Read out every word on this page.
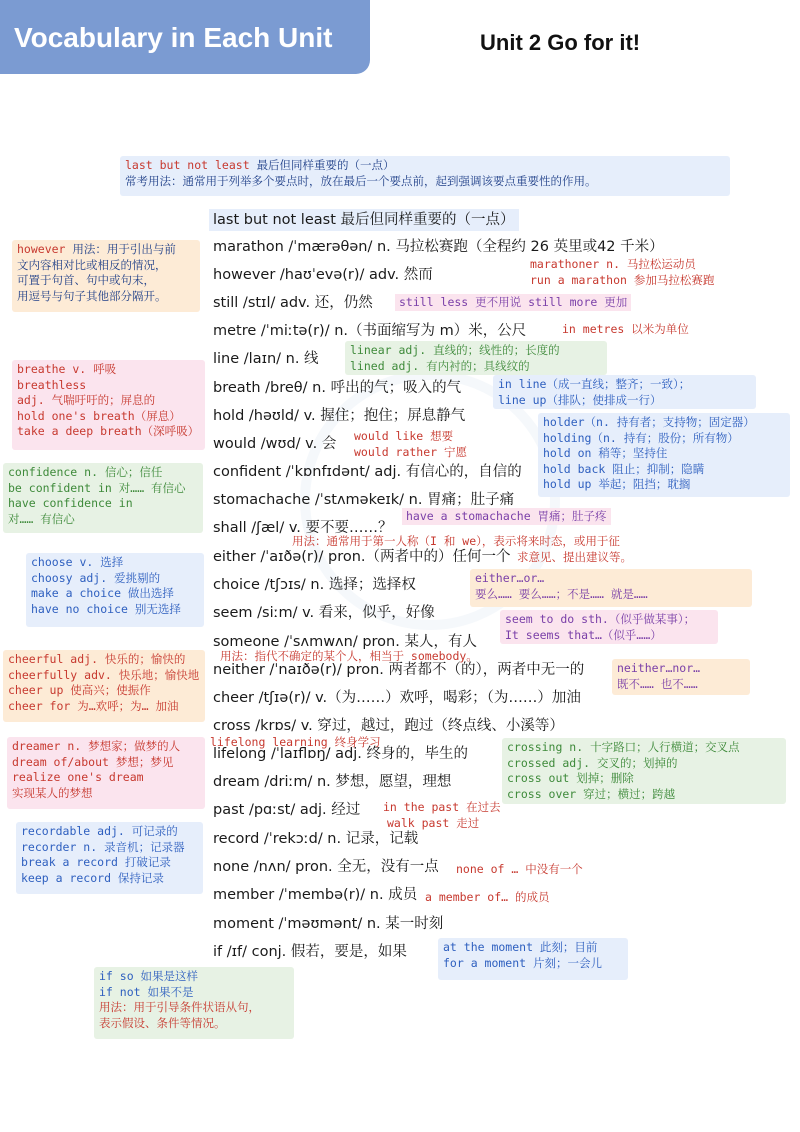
Vocabulary in Each Unit	Unit 2 Go for it!
last but not least 最后但同样重要的（一点）
常考用法：通常用于列举多个要点时，放在最后一个要点前，起到强调该要点重要性的作用。
last but not least 最后但同样重要的（一点）
marathon /ˈmærəθən/ n. 马拉松赛跑（全程约 26 英里或42 千米）
however /haʊˈevə(r)/ adv. 然而
still /stɪl/ adv. 还，仍然
metre /ˈmiːtə(r)/ n.（书面缩写为 m）米，公尺
line /laɪn/ n. 线
breath /breθ/ n. 呼出的气；吸入的气
hold /həʊld/ v. 握住；抱住；屏息静气
would /wʊd/ v. 会
confident /ˈkɒnfɪdənt/ adj. 有信心的，自信的
stomachache /ˈstʌməkeɪk/ n. 胃痛；肚子痛
shall /ʃæl/ v. 要不要……？
either /ˈaɪðə(r)/ pron.（两者中的）任何一个
choice /tʃɔɪs/ n. 选择；选择权
seem /siːm/ v. 看来，似乎，好像
someone /ˈsʌmwʌn/ pron. 某人，有人
neither /ˈnaɪðə(r)/ pron. 两者都不（的），两者中无一的
cheer /tʃɪə(r)/ v.（为……）欢呼，喝彩；（为……）加油
cross /krɒs/ v. 穿过，越过，跑过（终点线、小溪等）
lifelong /ˈlaɪflɒŋ/ adj. 终身的，毕生的
dream /driːm/ n. 梦想，愿望，理想
past /pɑːst/ adj. 经过
record /ˈrekɔːd/ n. 记录，记载
none /nʌn/ pron. 全无，没有一点
member /ˈmembə(r)/ n. 成员
moment /ˈməʊmənt/ n. 某一时刻
if /ɪf/ conj. 假若，要是，如果
however 用法：用于引出与前
文内容相对比或相反的情况，
可置于句首、句中或句末，
用逗号与句子其他部分隔开。
breathe v. 呼吸
breathless
adj. 气喘吁吁的；屏息的
hold one's breath（屏息）
take a deep breath（深呼吸）
confidence n. 信心；信任
be confident in 对…… 有信心
have confidence in
对…… 有信心
choose v. 选择
choosy adj. 爱挑剔的
make a choice 做出选择
have no choice 别无选择
cheerful adj. 快乐的；愉快的
cheerfully adv. 快乐地；愉快地
cheer up 使高兴；使振作
cheer for 为…欢呼；为… 加油
dreamer n. 梦想家；做梦的人
dream of/about 梦想；梦见
realize one's dream
实现某人的梦想
recordable adj. 可记录的
recorder n. 录音机；记录器
break a record 打破记录
keep a record 保持记录
if so 如果是这样
if not 如果不是
用法：用于引导条件状语从句，
表示假设、条件等情况。
marathoner n. 马拉松运动员
run a marathon 参加马拉松赛跑
still less 更不用说 still more 更加
in metres 以米为单位
linear adj. 直线的；线性的；长度的
lined adj. 有内衬的；具线纹的
in line（成一直线；整齐；一致）；
line up（排队；使排成一行）
holder（n. 持有者；支持物；固定器）
holding（n. 持有；股份；所有物）
hold on 稍等；坚持住
hold back 阻止；抑制；隐瞒
hold up 举起；阻挡；耽搁
would like 想要
would rather 宁愿
have a stomachache 胃痛；肚子疼
用法：通常用于第一人称（I 和 we），表示将来时态，或用于征
求意见、提出建议等。
either…or…
要么…… 要么……；不是…… 就是……
seem to do sth.（似乎做某事）；
It seems that…（似乎……）
用法：指代不确定的某个人，相当于 somebody。
neither…nor…
既不…… 也不……
lifelong learning 终身学习	crossing n. 十字路口；人行横道；交叉点
crossed adj. 交叉的；划掉的
cross out 划掉；删除
cross over 穿过；横过；跨越
in the past 在过去
walk past 走过
none of … 中没有一个
a member of… 的成员
at the moment 此刻；目前
for a moment 片刻；一会儿
